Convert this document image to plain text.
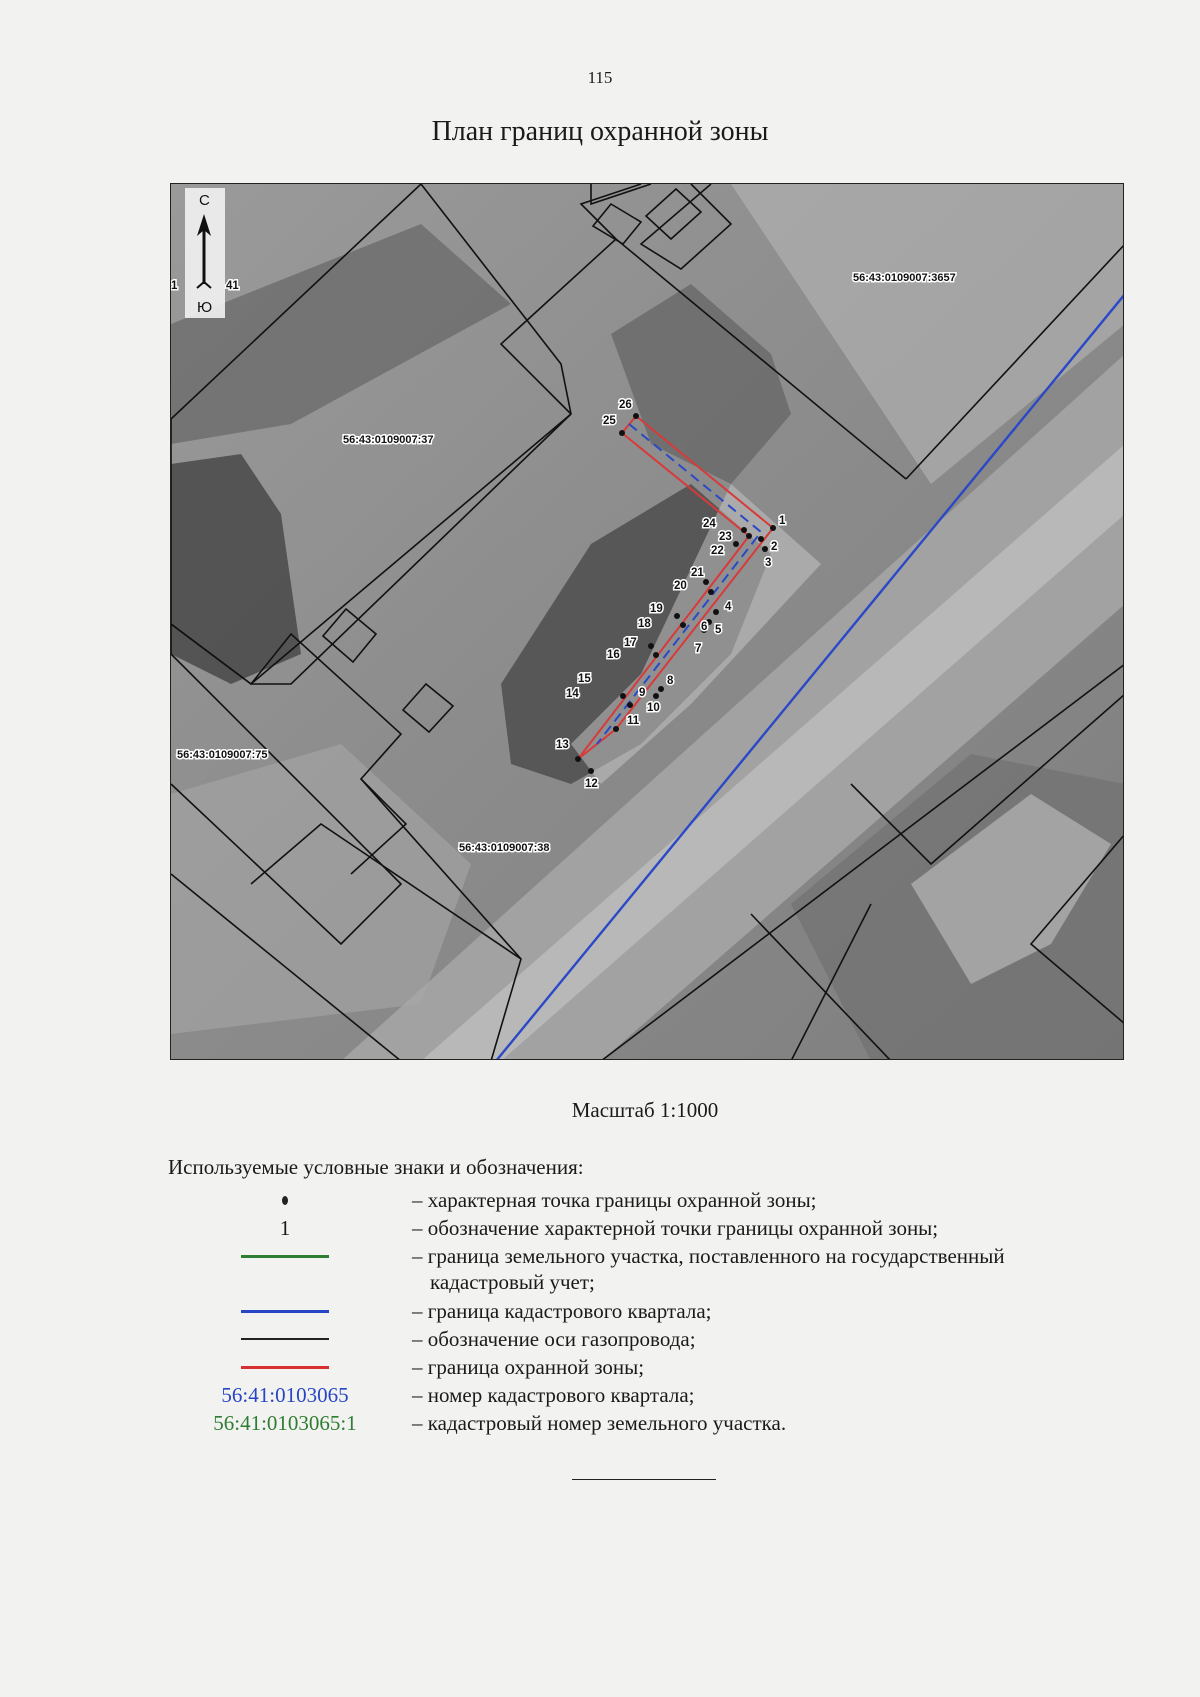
115
План границ охранной зоны
1
2
3
4
5
6
7
8
9
10
11
12
13
14
15
16
17
18
19
20
21
22
23
24
25
26
56:43:0109007:3657
56:43:0109007:37
56:43:0109007:75
56:43:0109007:38
С
Ю
1	41
Масштаб 1:1000
Используемые условные знаки и обозначения:
– характерная точка границы охранной зоны;
1	– обозначение характерной точки границы охранной зоны;
– граница земельного участка, поставленного на государственный
кадастровый учет;
– граница кадастрового квартала;
– обозначение оси газопровода;
– граница охранной зоны;
56:41:0103065	– номер кадастрового квартала;
56:41:0103065:1	– кадастровый номер земельного участка.
